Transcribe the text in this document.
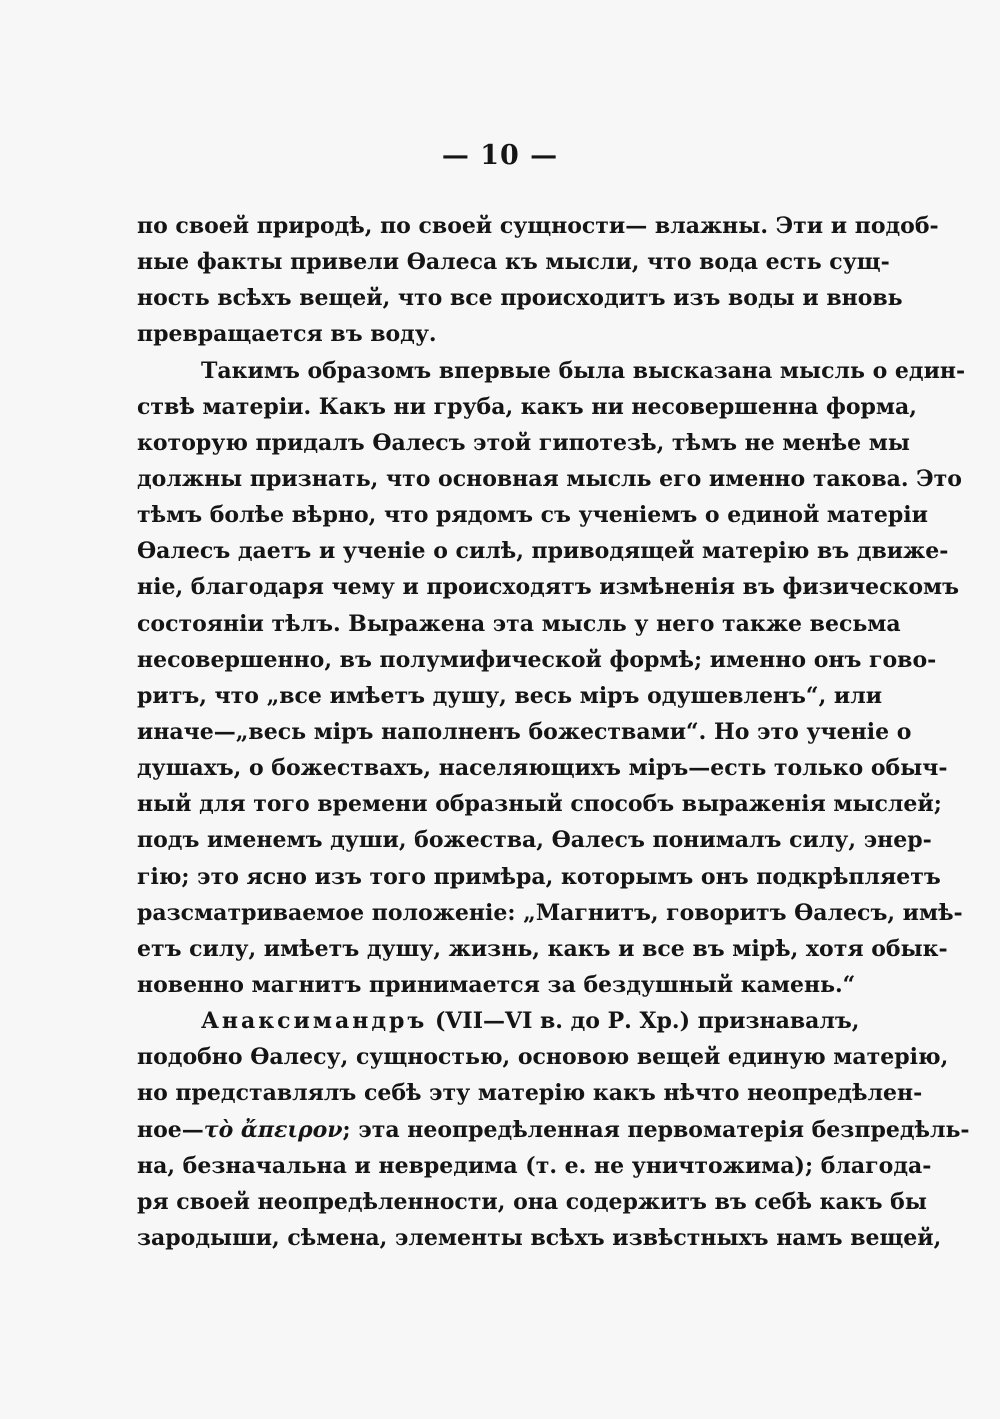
— 10 —
по своей природѣ, по своей сущности— влажны. Эти и подоб-
ные факты привели Өалеса къ мысли, что вода есть сущ-
ность всѣхъ вещей, что все происходитъ изъ воды и вновь
превращается въ воду.
Такимъ образомъ впервые была высказана мысль о един-
ствѣ матеріи. Какъ ни груба, какъ ни несовершенна форма,
которую придалъ Өалесъ этой гипотезѣ, тѣмъ не менѣе мы
должны признать, что основная мысль его именно такова. Это
тѣмъ болѣе вѣрно, что рядомъ съ ученіемъ о единой матеріи
Өалесъ даетъ и ученіе о силѣ, приводящей матерію въ движе-
ніе, благодаря чему и происходятъ измѣненія въ физическомъ
состояніи тѣлъ. Выражена эта мысль у него также весьма
несовершенно, въ полумифической формѣ; именно онъ гово-
ритъ, что „все имѣетъ душу, весь міръ одушевленъ“, или
иначе—„весь міръ наполненъ божествами“. Но это ученіе о
душахъ, о божествахъ, населяющихъ міръ—есть только обыч-
ный для того времени образный способъ выраженія мыслей;
подъ именемъ души, божества, Өалесъ понималъ силу, энер-
гію; это ясно изъ того примѣра, которымъ онъ подкрѣпляетъ
разсматриваемое положеніе: „Магнитъ, говоритъ Өалесъ, имѣ-
етъ силу, имѣетъ душу, жизнь, какъ и все въ мірѣ, хотя обык-
новенно магнитъ принимается за бездушный камень.“
Анаксимандръ (VII—VI в. до Р. Хр.) признавалъ,
подобно Өалесу, сущностью, основою вещей единую матерію,
но представлялъ себѣ эту матерію какъ нѣчто неопредѣлен-
ное—τὸ ἄπειρον; эта неопредѣленная первоматерія безпредѣль-
на, безначальна и невредима (т. е. не уничтожима); благода-
ря своей неопредѣленности, она содержитъ въ себѣ какъ бы
зародыши, сѣмена, элементы всѣхъ извѣстныхъ намъ вещей,
